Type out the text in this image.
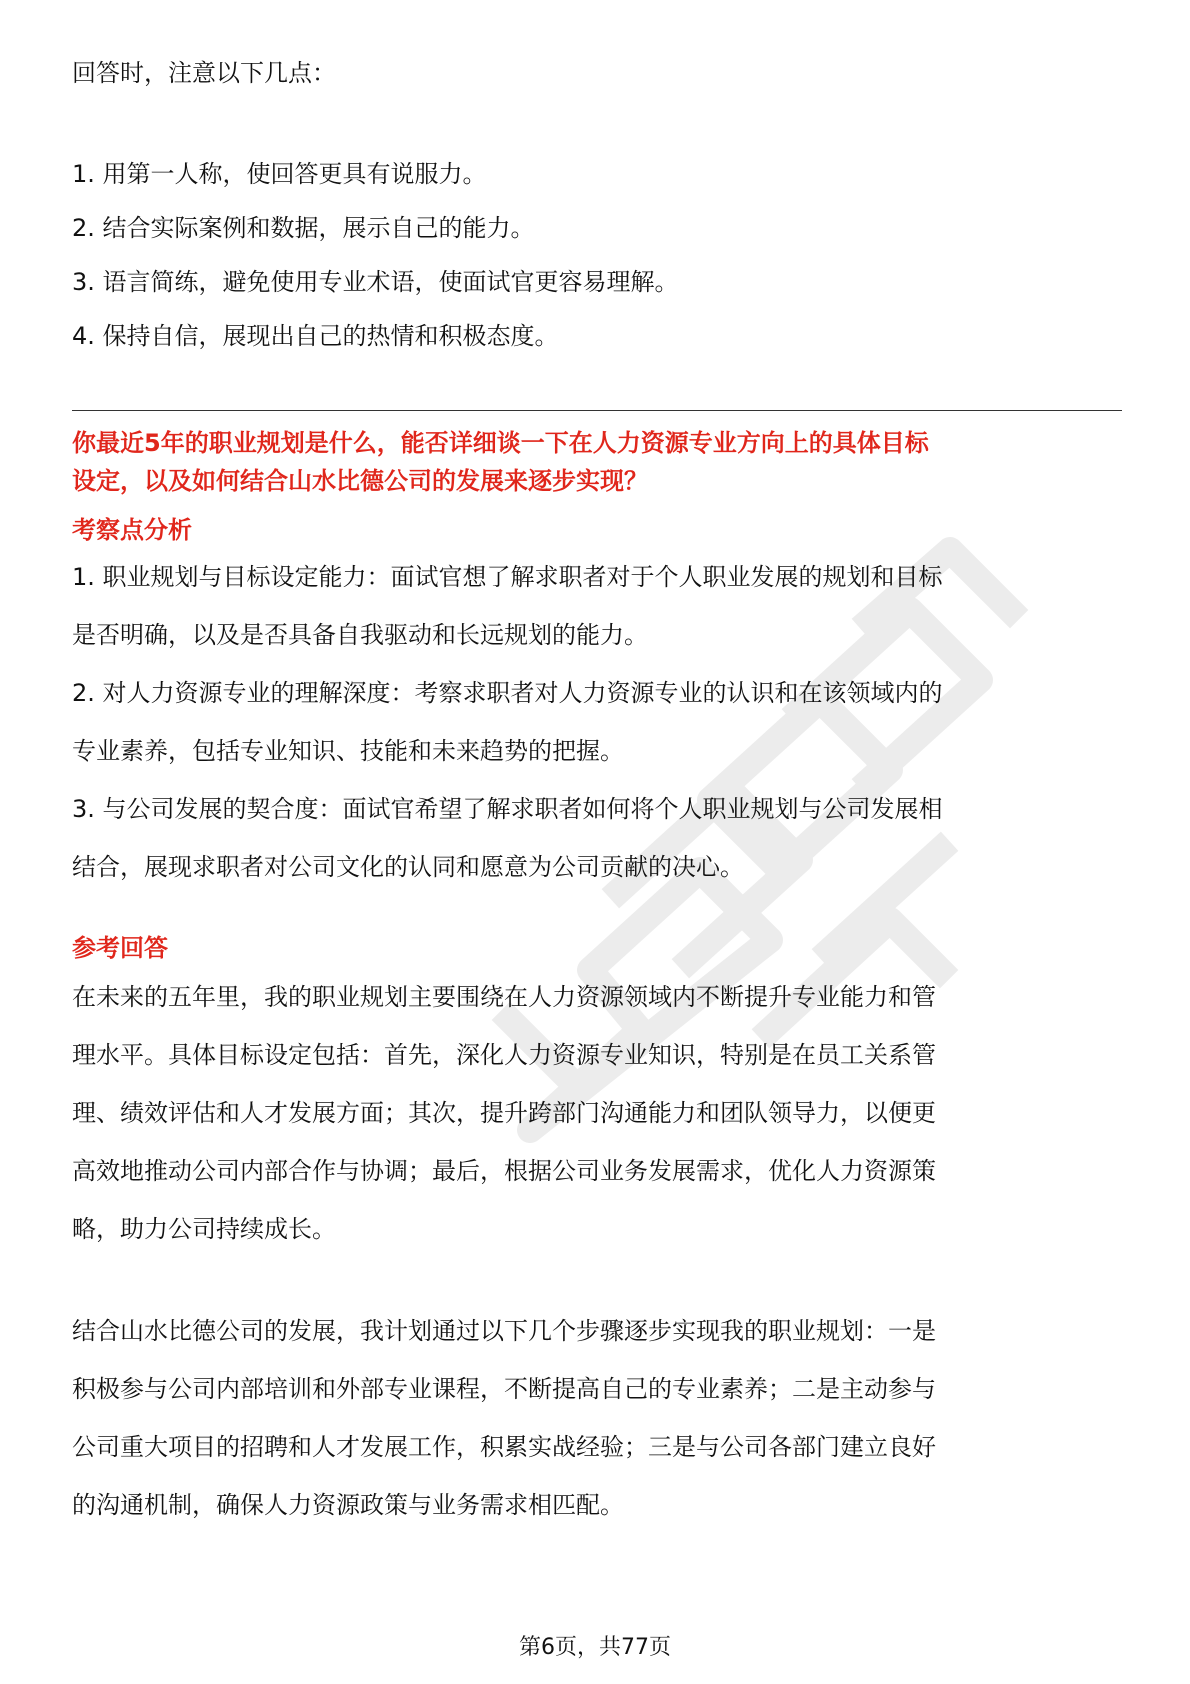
回答时，注意以下几点：

1. 用第一人称，使回答更具有说服力。

2. 结合实际案例和数据，展示自己的能力。

3. 语言简练，避免使用专业术语，使面试官更容易理解。

4. 保持自信，展现出自己的热情和积极态度。

你最近5年的职业规划是什么，能否详细谈一下在人力资源专业方向上的具体目标
设定，以及如何结合山水比德公司的发展来逐步实现？
考察点分析
1. 职业规划与目标设定能力：面试官想了解求职者对于个人职业发展的规划和目标
是否明确，以及是否具备自我驱动和长远规划的能力。
2. 对人力资源专业的理解深度：考察求职者对人力资源专业的认识和在该领域内的
专业素养，包括专业知识、技能和未来趋势的把握。
3. 与公司发展的契合度：面试官希望了解求职者如何将个人职业规划与公司发展相
结合，展现求职者对公司文化的认同和愿意为公司贡献的决心。
参考回答
在未来的五年里，我的职业规划主要围绕在人力资源领域内不断提升专业能力和管
理水平。具体目标设定包括：首先，深化人力资源专业知识，特别是在员工关系管
理、绩效评估和人才发展方面；其次，提升跨部门沟通能力和团队领导力，以便更
高效地推动公司内部合作与协调；最后，根据公司业务发展需求，优化人力资源策
略，助力公司持续成长。
结合山水比德公司的发展，我计划通过以下几个步骤逐步实现我的职业规划：一是
积极参与公司内部培训和外部专业课程，不断提高自己的专业素养；二是主动参与
公司重大项目的招聘和人才发展工作，积累实战经验；三是与公司各部门建立良好
的沟通机制，确保人力资源政策与业务需求相匹配。
第6页，共77页
